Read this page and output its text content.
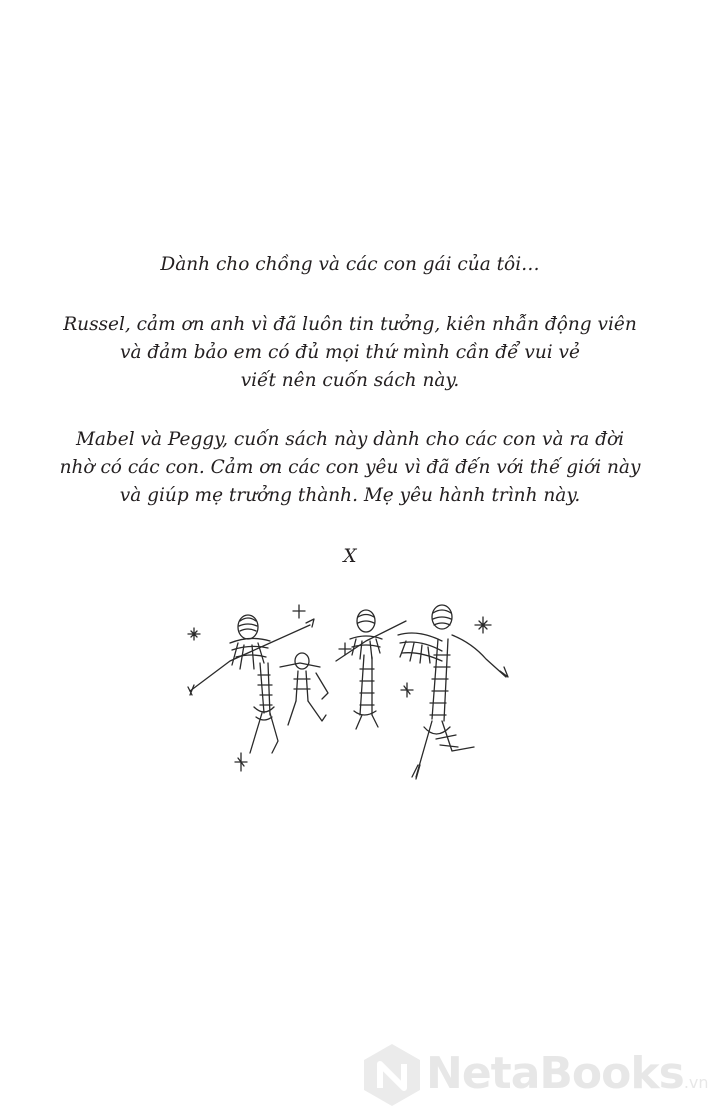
Dành cho chồng và các con gái của tôi…
Russel, cảm ơn anh vì đã luôn tin tưởng, kiên nhẫn động viên
và đảm bảo em có đủ mọi thứ mình cần để vui vẻ
viết nên cuốn sách này.
Mabel và Peggy, cuốn sách này dành cho các con và ra đời
nhờ có các con. Cảm ơn các con yêu vì đã đến với thế giới này
và giúp mẹ trưởng thành. Mẹ yêu hành trình này.
X
NetaBooks.vn
